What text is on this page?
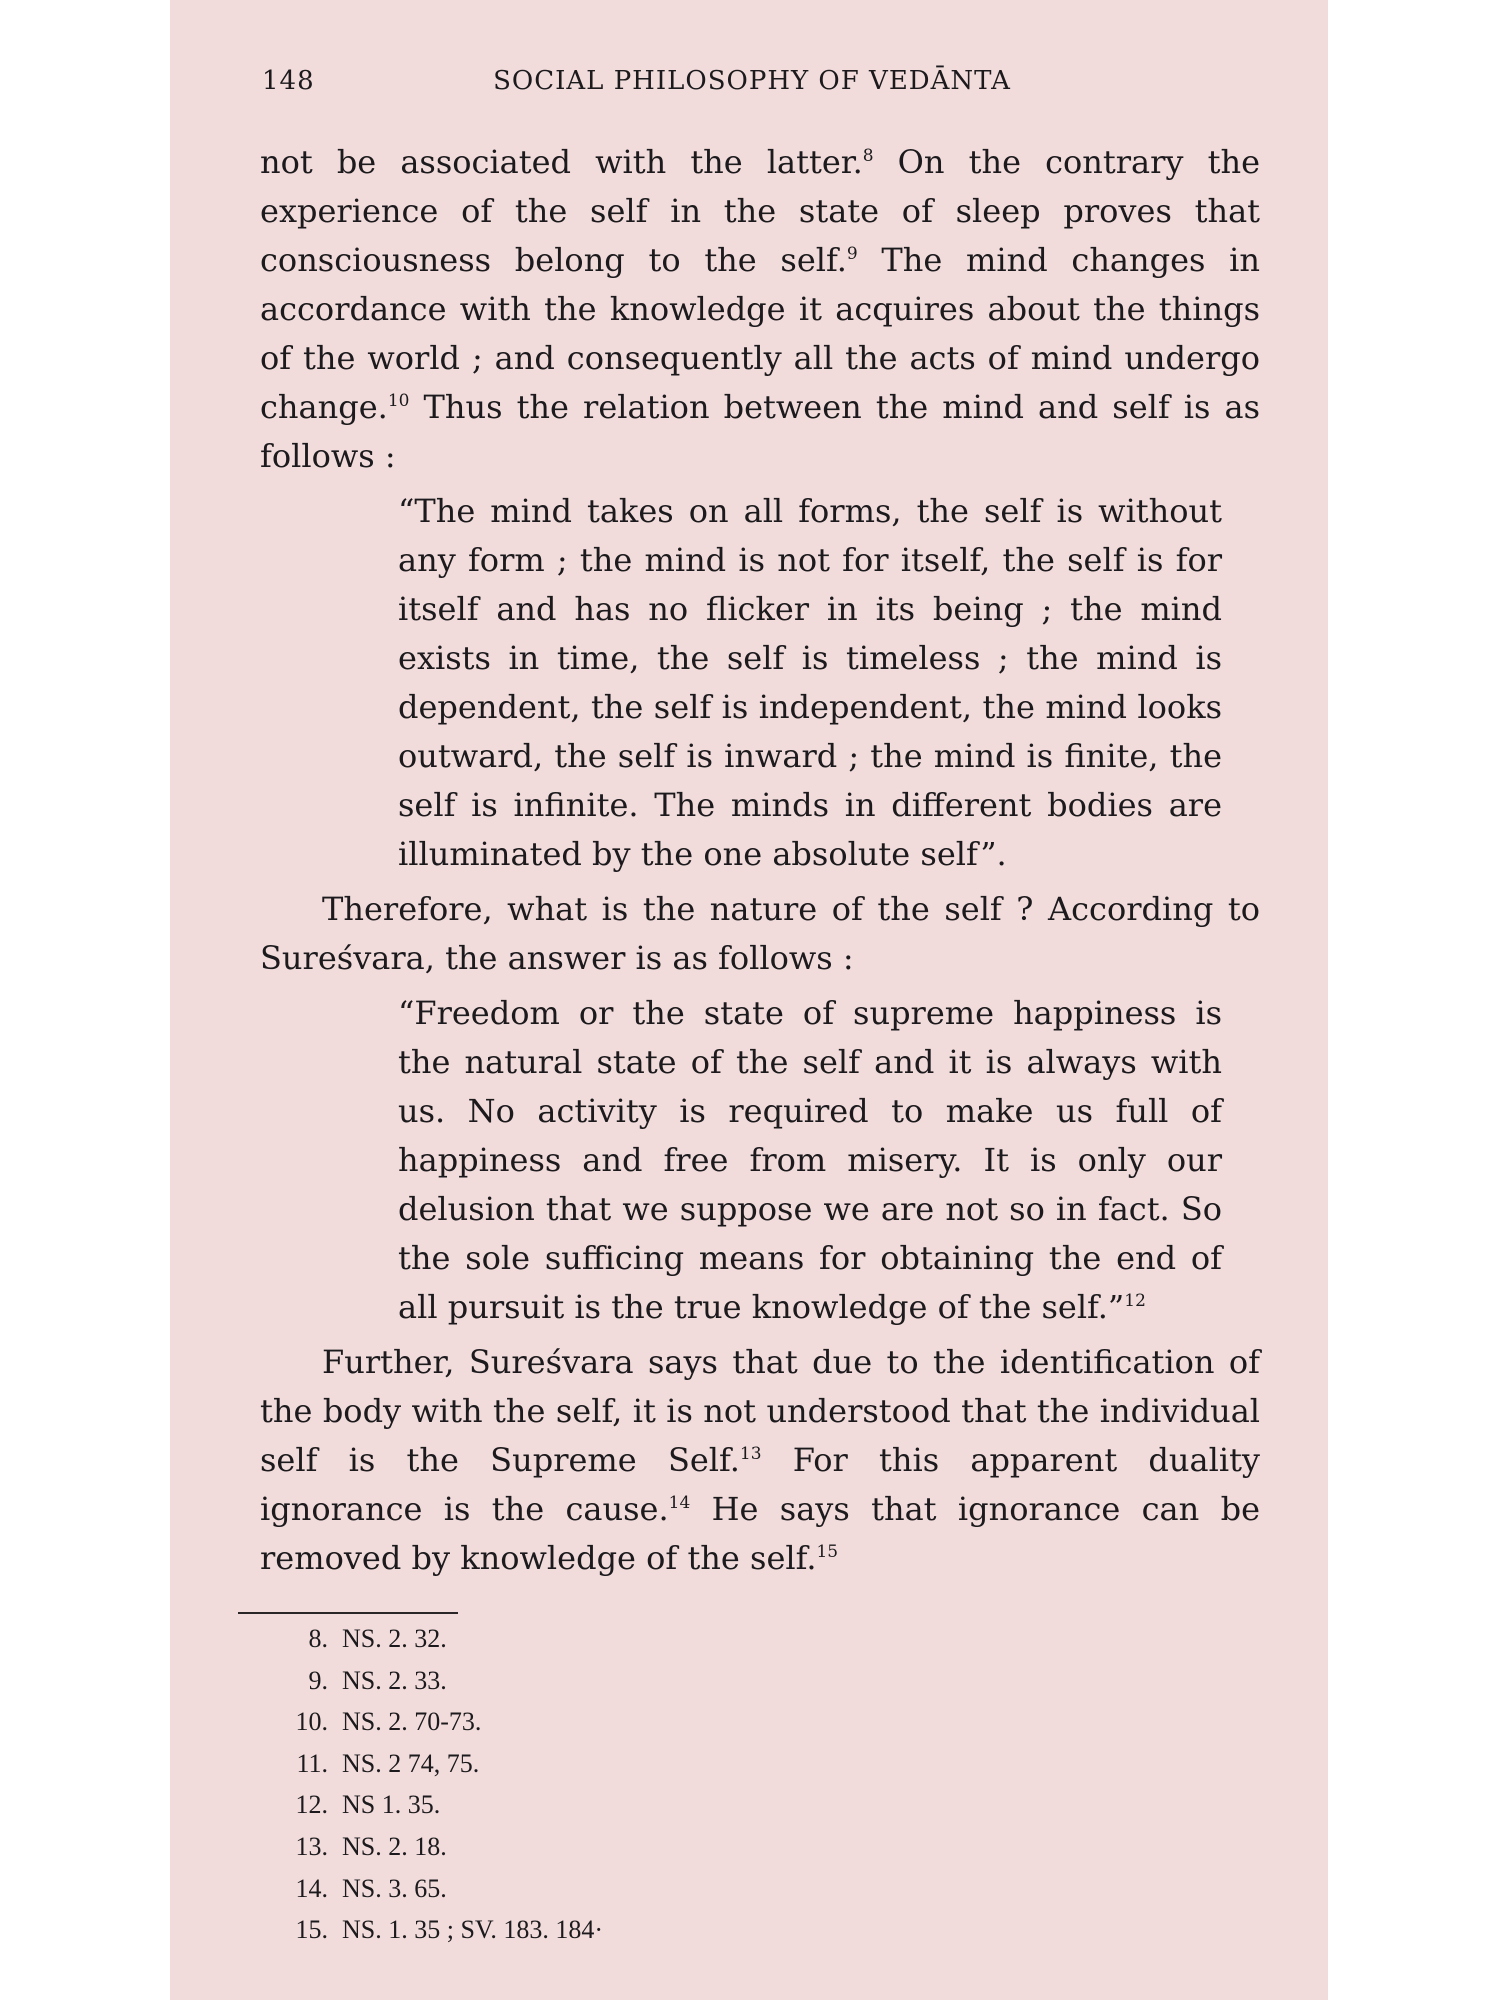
148	SOCIAL PHILOSOPHY OF VEDĀNTA

not be associated with the latter.$^8$ On the contrary the experience of the self in the state of sleep proves that consciousness belong to the self.$^9$ The mind changes in accordance with the knowledge it acquires about the things of the world ; and consequently all the acts of mind undergo change.$^{10}$ Thus the relation between the mind and self is as follows :

“The mind takes on all forms, the self is without any form ; the mind is not for itself, the self is for itself and has no flicker in its being ; the mind exists in time, the self is timeless ; the mind is dependent, the self is independent, the mind looks outward, the self is inward ; the mind is finite, the self is infinite. The minds in different bodies are illuminated by the one absolute self”.

Therefore, what is the nature of the self ? According to Sureśvara, the answer is as follows :

“Freedom or the state of supreme happiness is the natural state of the self and it is always with us. No activity is required to make us full of happiness and free from misery. It is only our delusion that we suppose we are not so in fact. So the sole sufficing means for obtaining the end of all pursuit is the true knowledge of the self.”$^{12}$

Further, Sureśvara says that due to the identification of the body with the self, it is not understood that the individual self is the Supreme Self.$^{13}$ For this apparent duality ignorance is the cause.$^{14}$ He says that ignorance can be removed by knowledge of the self.$^{15}$

8. NS. 2. 32.
9. NS. 2. 33.
10. NS. 2. 70-73.
11. NS. 2 74, 75.
12. NS 1. 35.
13. NS. 2. 18.
14. NS. 3. 65.
15. NS. 1. 35 ; SV. 183. 184·
